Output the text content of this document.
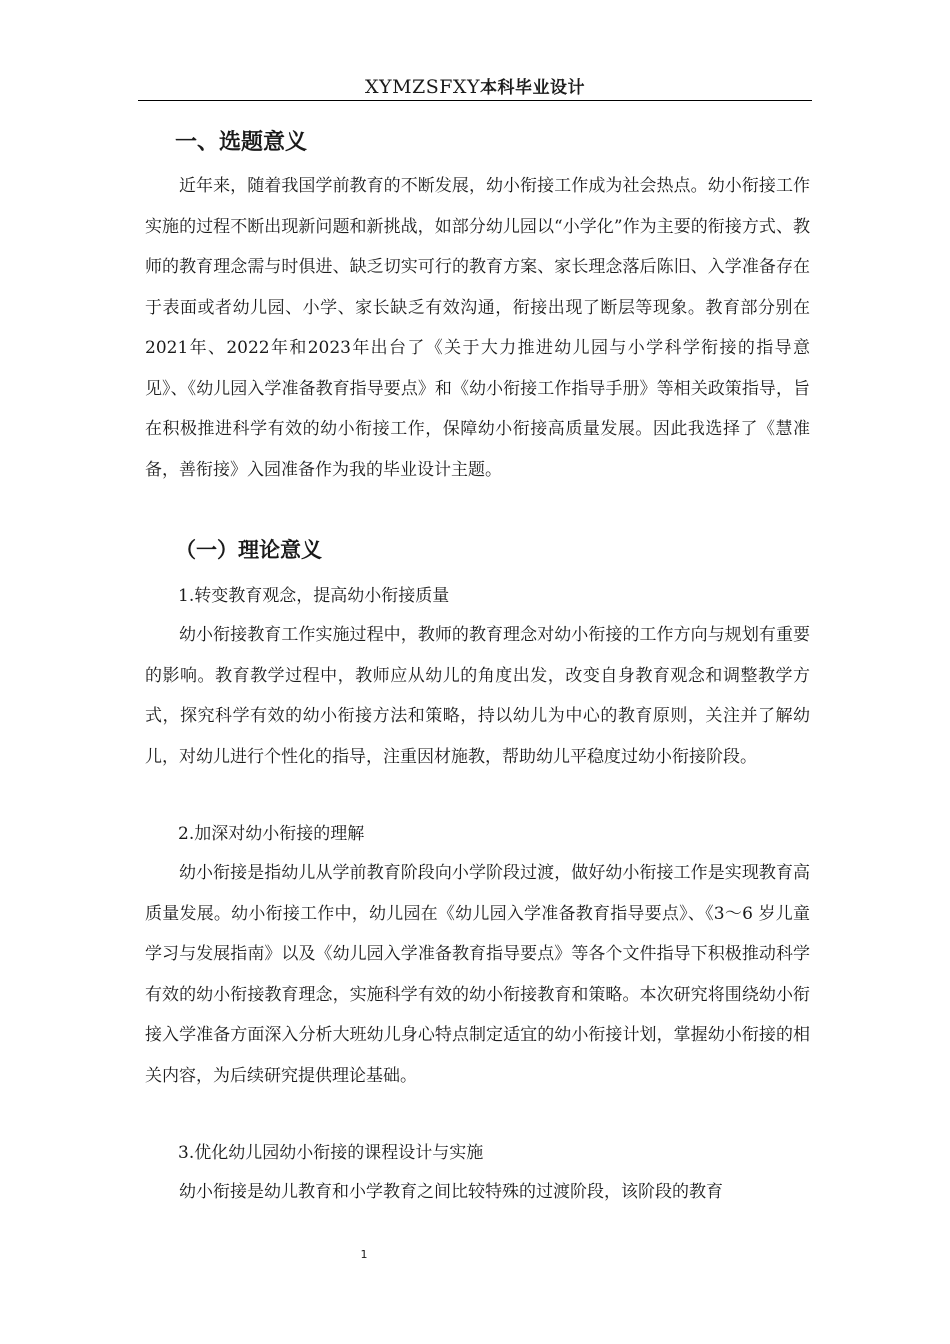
XYMZSFXY本科毕业设计
一、选题意义

近年来，随着我国学前教育的不断发展，幼小衔接工作成为社会热点。幼小衔接工作实施的过程不断出现新问题和新挑战，如部分幼儿园以“小学化”作为主要的衔接方式、教师的教育理念需与时俱进、缺乏切实可行的教育方案、家长理念落后陈旧、入学准备存在于表面或者幼儿园、小学、家长缺乏有效沟通，衔接出现了断层等现象。教育部分别在2021年、2022年和2023年出台了《关于大力推进幼儿园与小学科学衔接的指导意见》、《幼儿园入学准备教育指导要点》和《幼小衔接工作指导手册》等相关政策指导，旨在积极推进科学有效的幼小衔接工作，保障幼小衔接高质量发展。因此我选择了《慧准备，善衔接》入园准备作为我的毕业设计主题。

（一）理论意义
1.转变教育观念，提高幼小衔接质量

幼小衔接教育工作实施过程中，教师的教育理念对幼小衔接的工作方向与规划有重要的影响。教育教学过程中，教师应从幼儿的角度出发，改变自身教育观念和调整教学方式，探究科学有效的幼小衔接方法和策略，持以幼儿为中心的教育原则，关注并了解幼儿，对幼儿进行个性化的指导，注重因材施教，帮助幼儿平稳度过幼小衔接阶段。

2.加深对幼小衔接的理解

幼小衔接是指幼儿从学前教育阶段向小学阶段过渡，做好幼小衔接工作是实现教育高质量发展。幼小衔接工作中，幼儿园在《幼儿园入学准备教育指导要点》、《3～6 岁儿童学习与发展指南》以及《幼儿园入学准备教育指导要点》等各个文件指导下积极推动科学有效的幼小衔接教育理念，实施科学有效的幼小衔接教育和策略。本次研究将围绕幼小衔接入学准备方面深入分析大班幼儿身心特点制定适宜的幼小衔接计划，掌握幼小衔接的相关内容，为后续研究提供理论基础。

3.优化幼儿园幼小衔接的课程设计与实施

幼小衔接是幼儿教育和小学教育之间比较特殊的过渡阶段，该阶段的教育

1
